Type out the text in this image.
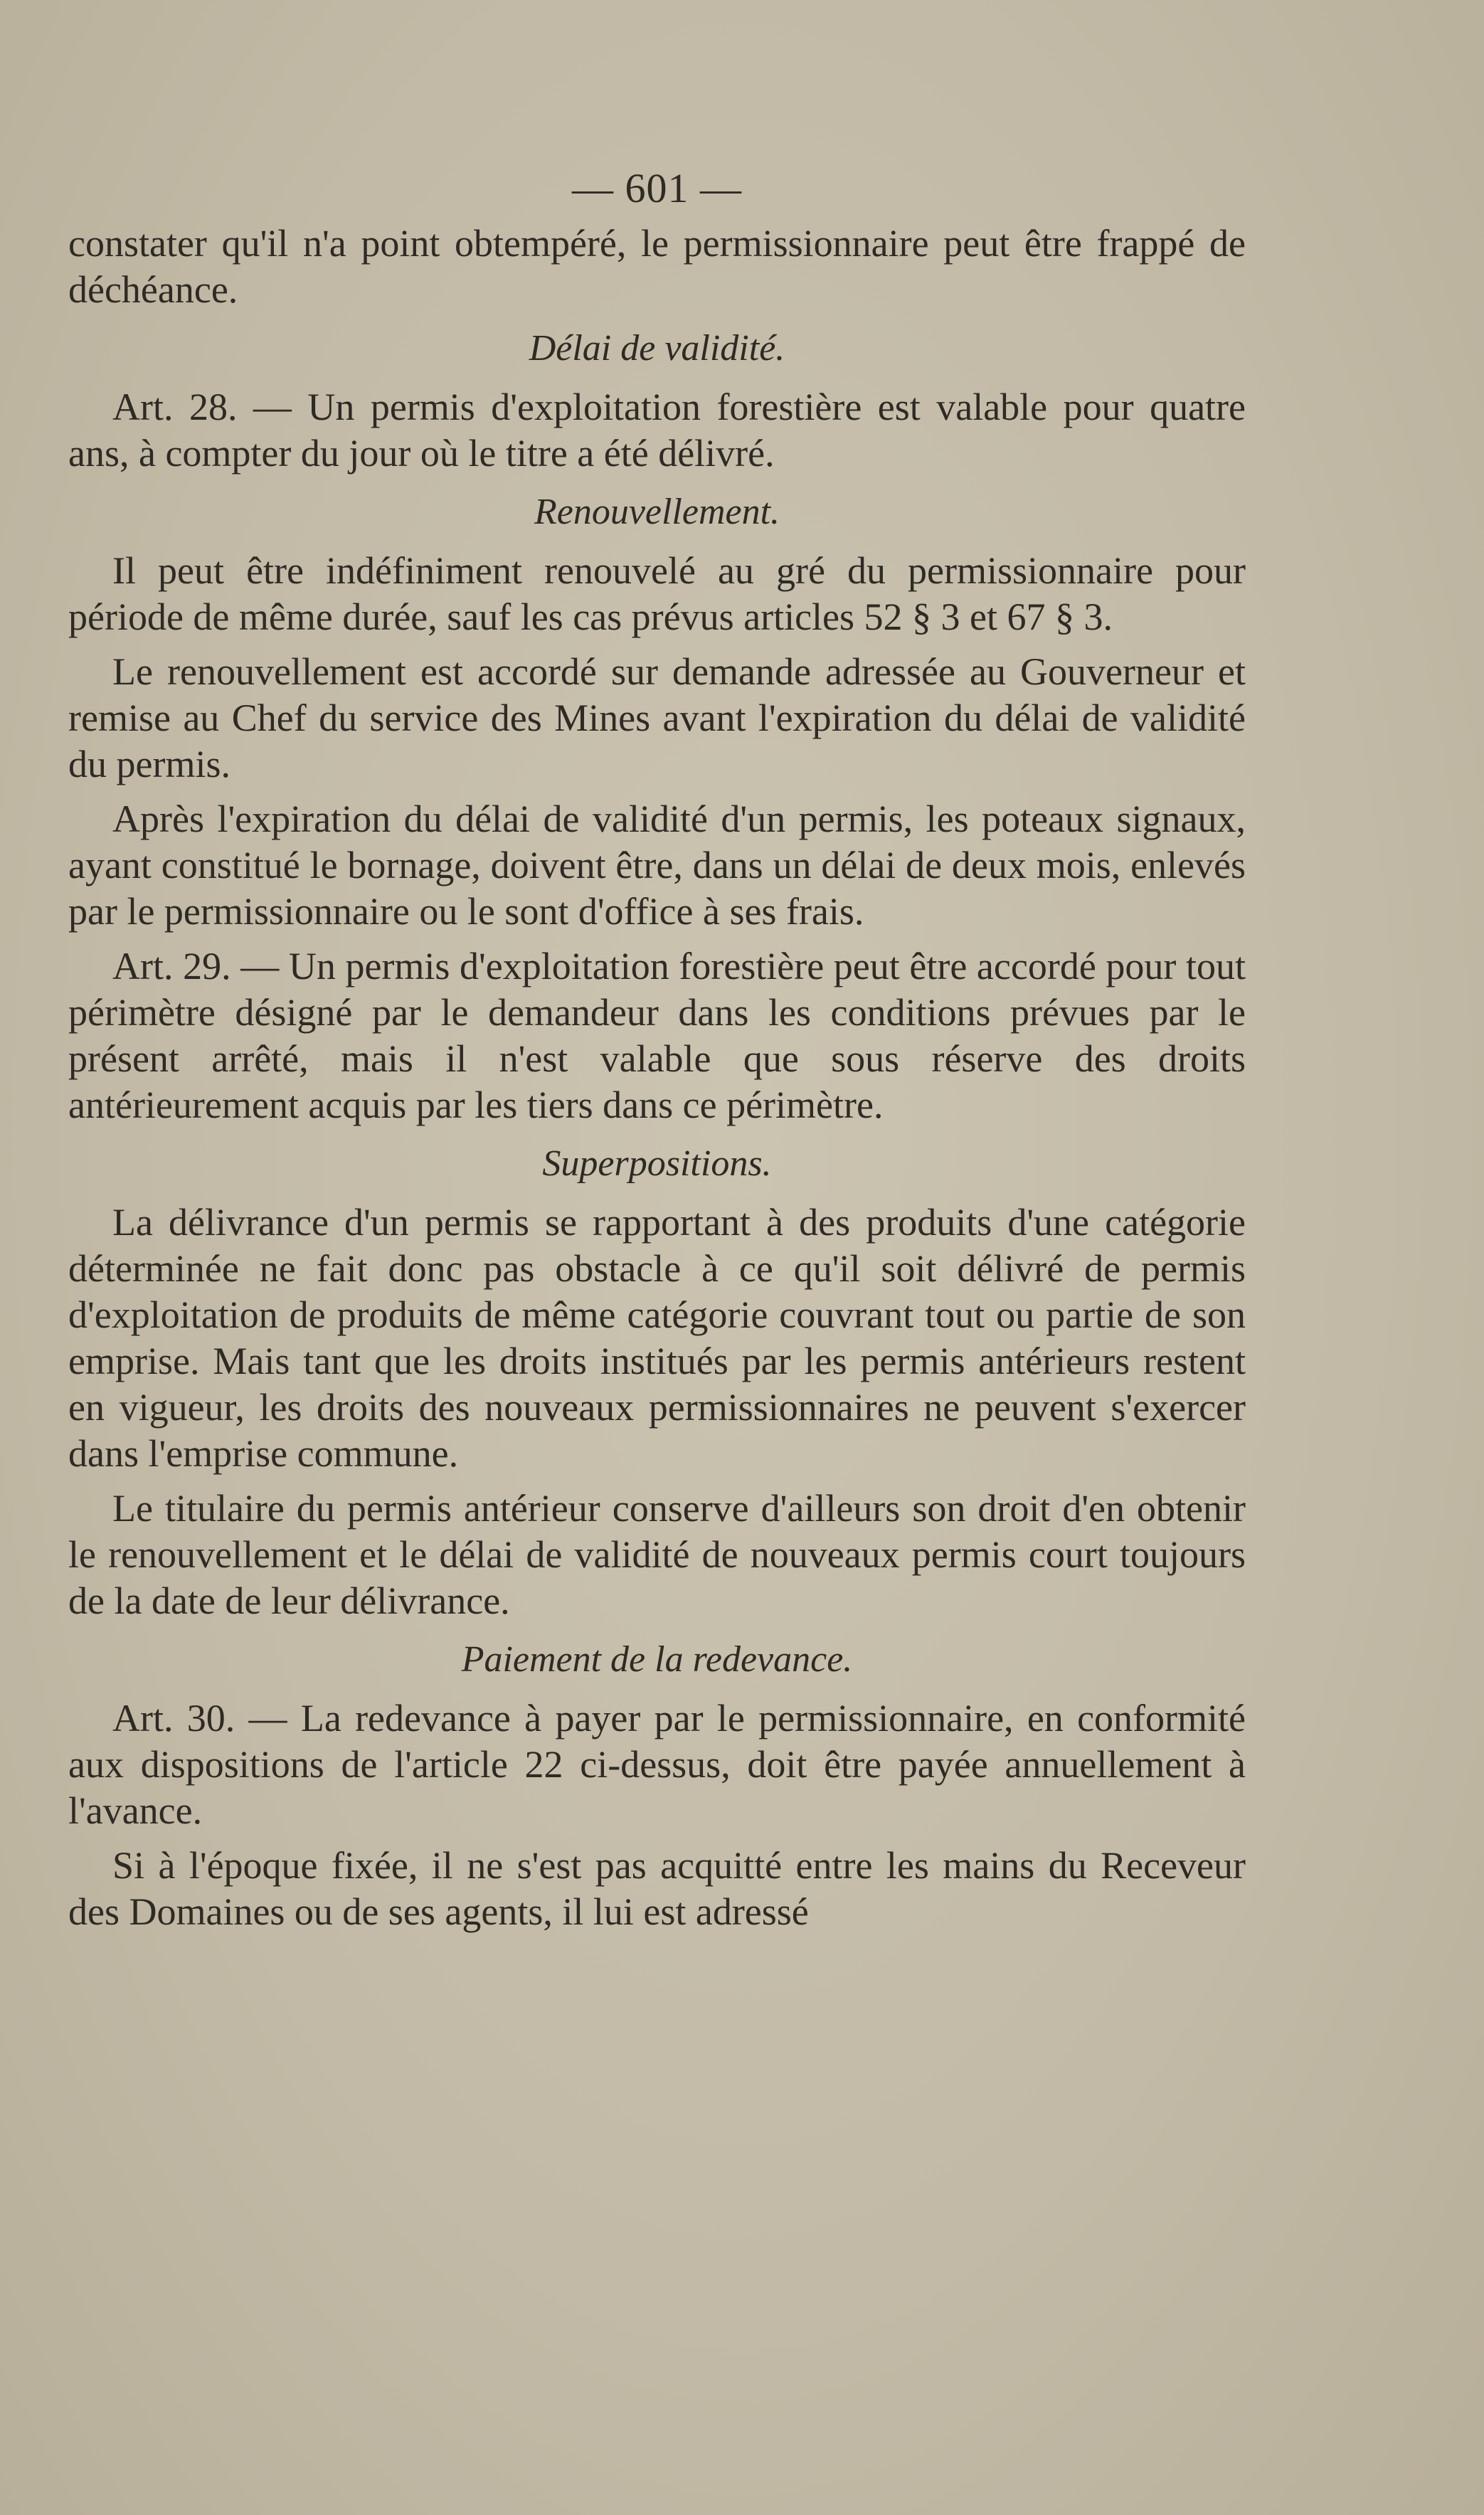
— 601 —

constater qu'il n'a point obtempéré, le permissionnaire peut être frappé de déchéance.

Délai de validité.

Art. 28. — Un permis d'exploitation forestière est valable pour quatre ans, à compter du jour où le titre a été délivré.

Renouvellement.

Il peut être indéfiniment renouvelé au gré du permissionnaire pour période de même durée, sauf les cas prévus articles 52 § 3 et 67 § 3.

Le renouvellement est accordé sur demande adressée au Gouverneur et remise au Chef du service des Mines avant l'expiration du délai de validité du permis.

Après l'expiration du délai de validité d'un permis, les poteaux signaux, ayant constitué le bornage, doivent être, dans un délai de deux mois, enlevés par le permissionnaire ou le sont d'office à ses frais.

Art. 29. — Un permis d'exploitation forestière peut être accordé pour tout périmètre désigné par le demandeur dans les conditions prévues par le présent arrêté, mais il n'est valable que sous réserve des droits antérieurement acquis par les tiers dans ce périmètre.

Superpositions.

La délivrance d'un permis se rapportant à des produits d'une catégorie déterminée ne fait donc pas obstacle à ce qu'il soit délivré de permis d'exploitation de produits de même catégorie couvrant tout ou partie de son emprise. Mais tant que les droits institués par les permis antérieurs restent en vigueur, les droits des nouveaux permissionnaires ne peuvent s'exercer dans l'emprise commune.

Le titulaire du permis antérieur conserve d'ailleurs son droit d'en obtenir le renouvellement et le délai de validité de nouveaux permis court toujours de la date de leur délivrance.

Paiement de la redevance.

Art. 30. — La redevance à payer par le permissionnaire, en conformité aux dispositions de l'article 22 ci-dessus, doit être payée annuellement à l'avance.

Si à l'époque fixée, il ne s'est pas acquitté entre les mains du Receveur des Domaines ou de ses agents, il lui est adressé
